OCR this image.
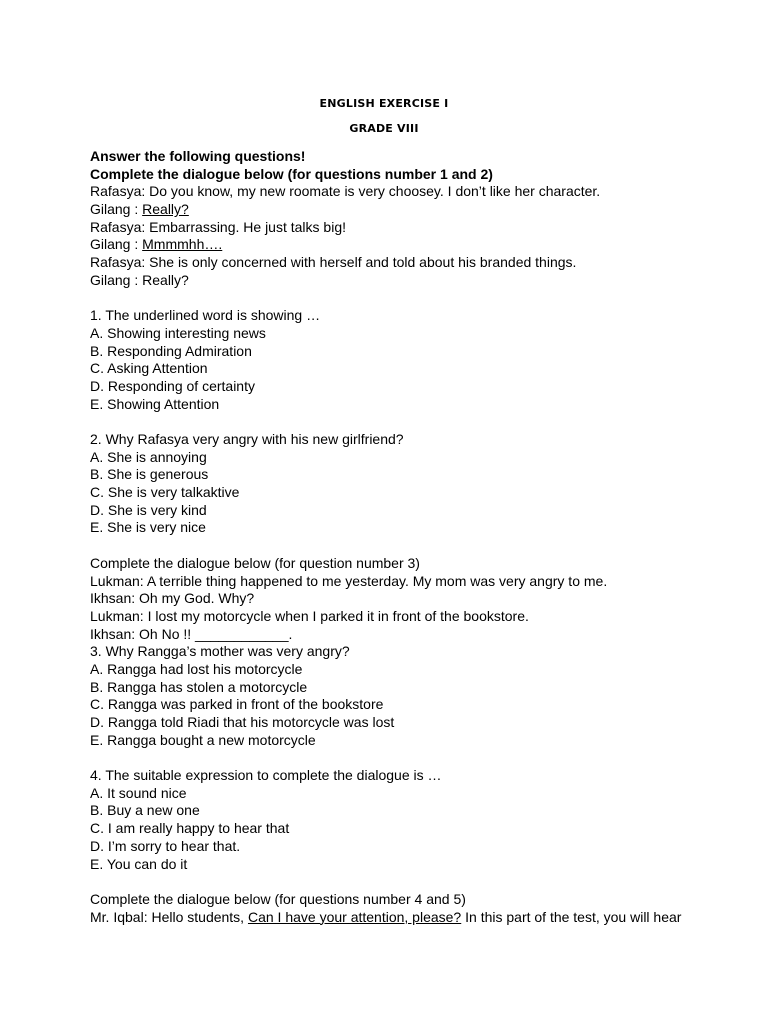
ENGLISH EXERCISE I
GRADE VIII
Answer the following questions!
Complete the dialogue below (for questions number 1 and 2)
Rafasya: Do you know, my new roomate is very choosey. I don’t like her character.
Gilang : Really?
Rafasya: Embarrassing. He just talks big!
Gilang : Mmmmhh….
Rafasya: She is only concerned with herself and told about his branded things.
Gilang : Really?
1. The underlined word is showing …
A. Showing interesting news
B. Responding Admiration
C. Asking Attention
D. Responding of certainty
E. Showing Attention
2. Why Rafasya very angry with his new girlfriend?
A. She is annoying
B. She is generous
C. She is very talkaktive
D. She is very kind
E. She is very nice
Complete the dialogue below (for question number 3)
Lukman: A terrible thing happened to me yesterday. My mom was very angry to me.
Ikhsan: Oh my God. Why?
Lukman: I lost my motorcycle when I parked it in front of the bookstore.
Ikhsan: Oh No !! ____________.
3. Why Rangga’s mother was very angry?
A. Rangga had lost his motorcycle
B. Rangga has stolen a motorcycle
C. Rangga was parked in front of the bookstore
D. Rangga told Riadi that his motorcycle was lost
E. Rangga bought a new motorcycle
4. The suitable expression to complete the dialogue is …
A. It sound nice
B. Buy a new one
C. I am really happy to hear that
D. I’m sorry to hear that.
E. You can do it
Complete the dialogue below (for questions number 4 and 5)
Mr. Iqbal: Hello students, Can I have your attention, please? In this part of the test, you will hear
